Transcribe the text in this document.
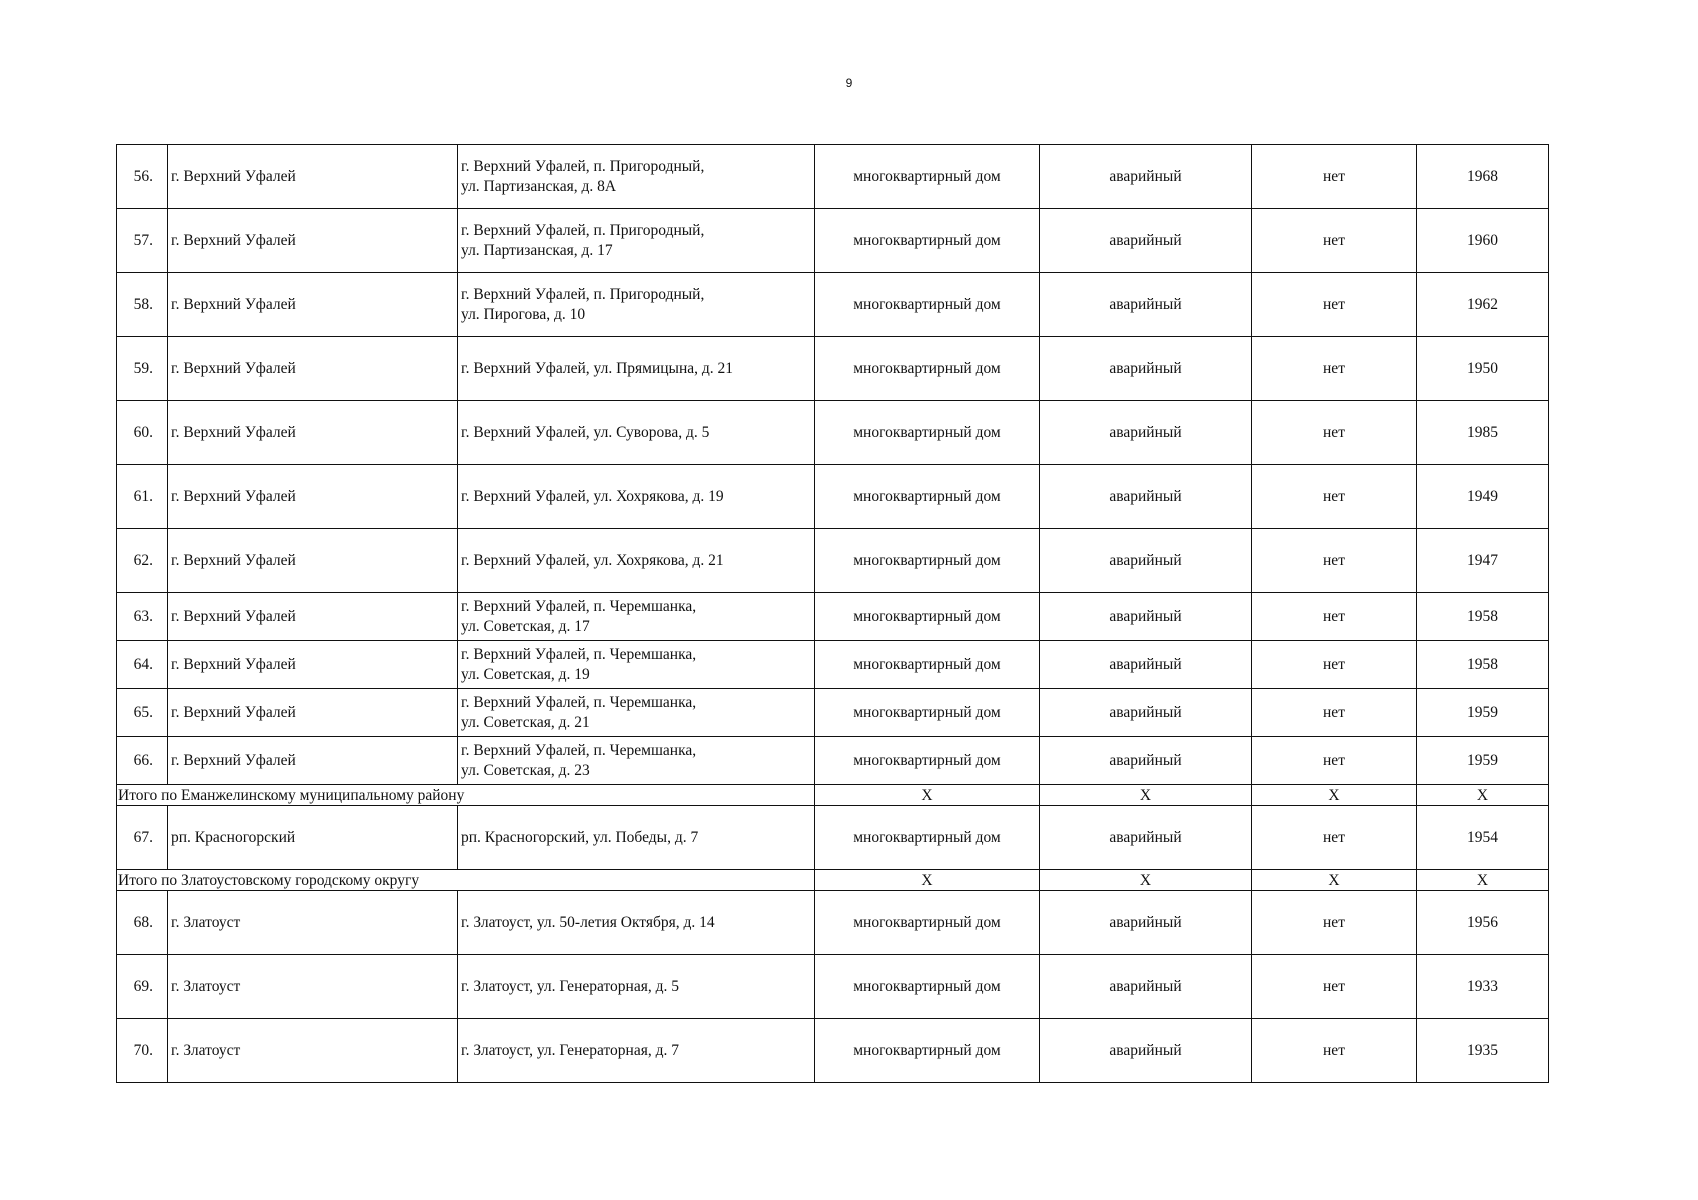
9
56.	г. Верхний Уфалей	г. Верхний Уфалей, п. Пригородный,
ул. Партизанская, д. 8А	многоквартирный дом	аварийный	нет	1968
57.	г. Верхний Уфалей	г. Верхний Уфалей, п. Пригородный,
ул. Партизанская, д. 17	многоквартирный дом	аварийный	нет	1960
58.	г. Верхний Уфалей	г. Верхний Уфалей, п. Пригородный,
ул. Пирогова, д. 10	многоквартирный дом	аварийный	нет	1962
59.	г. Верхний Уфалей	г. Верхний Уфалей, ул. Прямицына, д. 21	многоквартирный дом	аварийный	нет	1950
60.	г. Верхний Уфалей	г. Верхний Уфалей, ул. Суворова, д. 5	многоквартирный дом	аварийный	нет	1985
61.	г. Верхний Уфалей	г. Верхний Уфалей, ул. Хохрякова, д. 19	многоквартирный дом	аварийный	нет	1949
62.	г. Верхний Уфалей	г. Верхний Уфалей, ул. Хохрякова, д. 21	многоквартирный дом	аварийный	нет	1947
63.	г. Верхний Уфалей	г. Верхний Уфалей, п. Черемшанка,
ул. Советская, д. 17	многоквартирный дом	аварийный	нет	1958
64.	г. Верхний Уфалей	г. Верхний Уфалей, п. Черемшанка,
ул. Советская, д. 19	многоквартирный дом	аварийный	нет	1958
65.	г. Верхний Уфалей	г. Верхний Уфалей, п. Черемшанка,
ул. Советская, д. 21	многоквартирный дом	аварийный	нет	1959
66.	г. Верхний Уфалей	г. Верхний Уфалей, п. Черемшанка,
ул. Советская, д. 23	многоквартирный дом	аварийный	нет	1959
Итого по Еманжелинскому муниципальному району			X	X	X	X
67.	рп. Красногорский	рп. Красногорский, ул. Победы, д. 7	многоквартирный дом	аварийный	нет	1954
Итого по Златоустовскому городскому округу			X	X	X	X
68.	г. Златоуст	г. Златоуст, ул. 50-летия Октября, д. 14	многоквартирный дом	аварийный	нет	1956
69.	г. Златоуст	г. Златоуст, ул. Генераторная, д. 5	многоквартирный дом	аварийный	нет	1933
70.	г. Златоуст	г. Златоуст, ул. Генераторная, д. 7	многоквартирный дом	аварийный	нет	1935
